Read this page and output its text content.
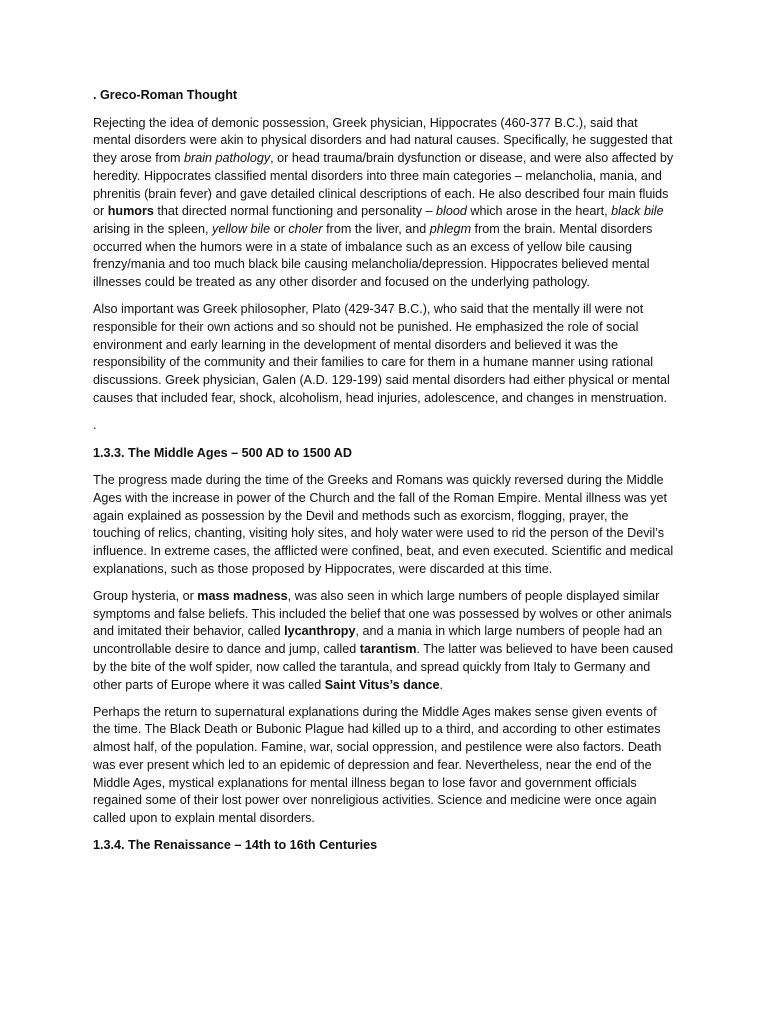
. Greco-Roman Thought

Rejecting the idea of demonic possession, Greek physician, Hippocrates (460-377 B.C.), said that mental disorders were akin to physical disorders and had natural causes. Specifically, he suggested that they arose from brain pathology, or head trauma/brain dysfunction or disease, and were also affected by heredity. Hippocrates classified mental disorders into three main categories – melancholia, mania, and phrenitis (brain fever) and gave detailed clinical descriptions of each. He also described four main fluids or humors that directed normal functioning and personality – blood which arose in the heart, black bile arising in the spleen, yellow bile or choler from the liver, and phlegm from the brain. Mental disorders occurred when the humors were in a state of imbalance such as an excess of yellow bile causing frenzy/mania and too much black bile causing melancholia/depression. Hippocrates believed mental illnesses could be treated as any other disorder and focused on the underlying pathology.

Also important was Greek philosopher, Plato (429-347 B.C.), who said that the mentally ill were not responsible for their own actions and so should not be punished. He emphasized the role of social environment and early learning in the development of mental disorders and believed it was the responsibility of the community and their families to care for them in a humane manner using rational discussions. Greek physician, Galen (A.D. 129-199) said mental disorders had either physical or mental causes that included fear, shock, alcoholism, head injuries, adolescence, and changes in menstruation.

.
1.3.3. The Middle Ages – 500 AD to 1500 AD

The progress made during the time of the Greeks and Romans was quickly reversed during the Middle Ages with the increase in power of the Church and the fall of the Roman Empire. Mental illness was yet again explained as possession by the Devil and methods such as exorcism, flogging, prayer, the touching of relics, chanting, visiting holy sites, and holy water were used to rid the person of the Devil’s influence. In extreme cases, the afflicted were confined, beat, and even executed. Scientific and medical explanations, such as those proposed by Hippocrates, were discarded at this time.

Group hysteria, or mass madness, was also seen in which large numbers of people displayed similar symptoms and false beliefs. This included the belief that one was possessed by wolves or other animals and imitated their behavior, called lycanthropy, and a mania in which large numbers of people had an uncontrollable desire to dance and jump, called tarantism. The latter was believed to have been caused by the bite of the wolf spider, now called the tarantula, and spread quickly from Italy to Germany and other parts of Europe where it was called Saint Vitus’s dance.

Perhaps the return to supernatural explanations during the Middle Ages makes sense given events of the time. The Black Death or Bubonic Plague had killed up to a third, and according to other estimates almost half, of the population. Famine, war, social oppression, and pestilence were also factors. Death was ever present which led to an epidemic of depression and fear. Nevertheless, near the end of the Middle Ages, mystical explanations for mental illness began to lose favor and government officials regained some of their lost power over nonreligious activities. Science and medicine were once again called upon to explain mental disorders.

1.3.4. The Renaissance – 14th to 16th Centuries
